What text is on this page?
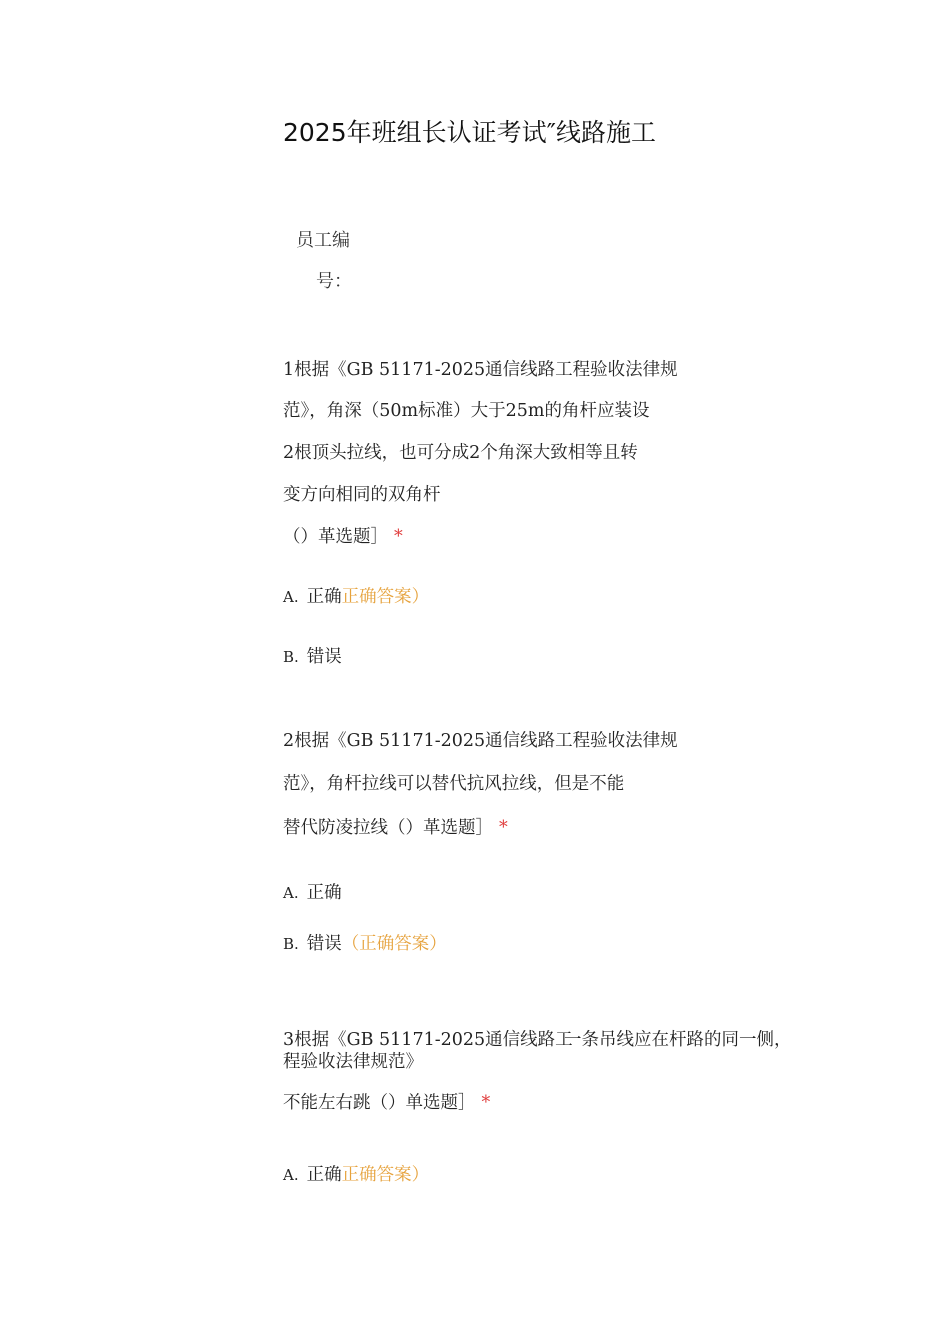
2025年班组长认证考试″线路施工
员工编
号：
1根据《GB 51171-2025通信线路工程验收法律规
范》，角深（50m标准）大于25m的角杆应装设
2根顶头拉线，也可分成2个角深大致相等且转
变方向相同的双角杆
（）革选题］ *
A. 正确正确答案）
B. 错误
2根据《GB 51171-2025通信线路工程验收法律规
范》，角杆拉线可以替代抗风拉线，但是不能
替代防凌拉线（）革选题］ *
A. 正确
B. 错误（正确答案）
3根据《GB 51171-2025通信线路工
程验收法律规范》
一条吊线应在杆路的同一侧，
不能左右跳（）单选题］ *
A. 正确正确答案）
